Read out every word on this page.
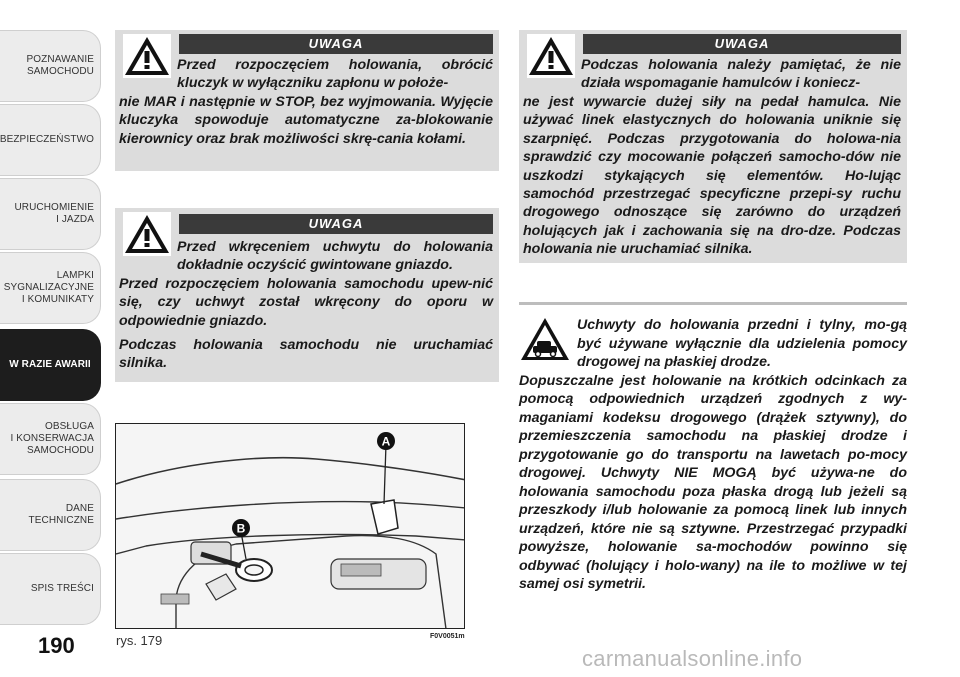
POZNAWANIE
SAMOCHODU
BEZPIECZEŃSTWO
URUCHOMIENIE
I JAZDA
LAMPKI
SYGNALIZACYJNE
I KOMUNIKATY
W RAZIE AWARII
OBSŁUGA
I KONSERWACJA
SAMOCHODU
DANE
TECHNICZNE
SPIS TREŚCI
190
UWAGA
Przed rozpoczęciem holowania, obrócić kluczyk w wyłączniku zapłonu w położe-
nie MAR i następnie w STOP, bez wyjmowania. Wyjęcie kluczyka spowoduje automatyczne za-blokowanie kierownicy oraz brak możliwości skrę-cania kołami.
UWAGA
Przed wkręceniem uchwytu do holowania dokładnie oczyścić gwintowane gniazdo.
Przed rozpoczęciem holowania samochodu upew-nić się, czy uchwyt został wkręcony do oporu w odpowiednie gniazdo.
Podczas holowania samochodu nie uruchamiać silnika.
UWAGA
Podczas holowania należy pamiętać, że nie działa wspomaganie hamulców i koniecz-
ne jest wywarcie dużej siły na pedał hamulca. Nie używać linek elastycznych do holowania uniknie się szarpnięć. Podczas przygotowania do holowa-nia sprawdzić czy mocowanie połączeń samocho-dów nie uszkodzi stykających się elementów. Ho-lując samochód przestrzegać specyficzne przepi-sy ruchu drogowego odnoszące się zarówno do urządzeń holujących jak i zachowania się na dro-dze. Podczas holowania nie uruchamiać silnika.
Uchwyty do holowania przedni i tylny, mo-gą być używane wyłącznie dla udzielenia pomocy drogowej na płaskiej drodze.
Dopuszczalne jest holowanie na krótkich odcinkach za pomocą odpowiednich urządzeń zgodnych z wy-maganiami kodeksu drogowego (drążek sztywny), do przemieszczenia samochodu na płaskiej drodze i przygotowanie go do transportu na lawetach po-mocy drogowej. Uchwyty NIE MOGĄ być używa-ne do holowania samochodu poza płaska drogą lub jeżeli są przeszkody i/lub holowanie za pomocą linek lub innych urządzeń, które nie są sztywne. Przestrzegać przypadki powyższe, holowanie sa-mochodów powinno się odbywać (holujący i holo-wany) na ile to możliwe w tej samej osi symetrii.
A
B
rys. 179	F0V0051m
carmanualsonline.info
